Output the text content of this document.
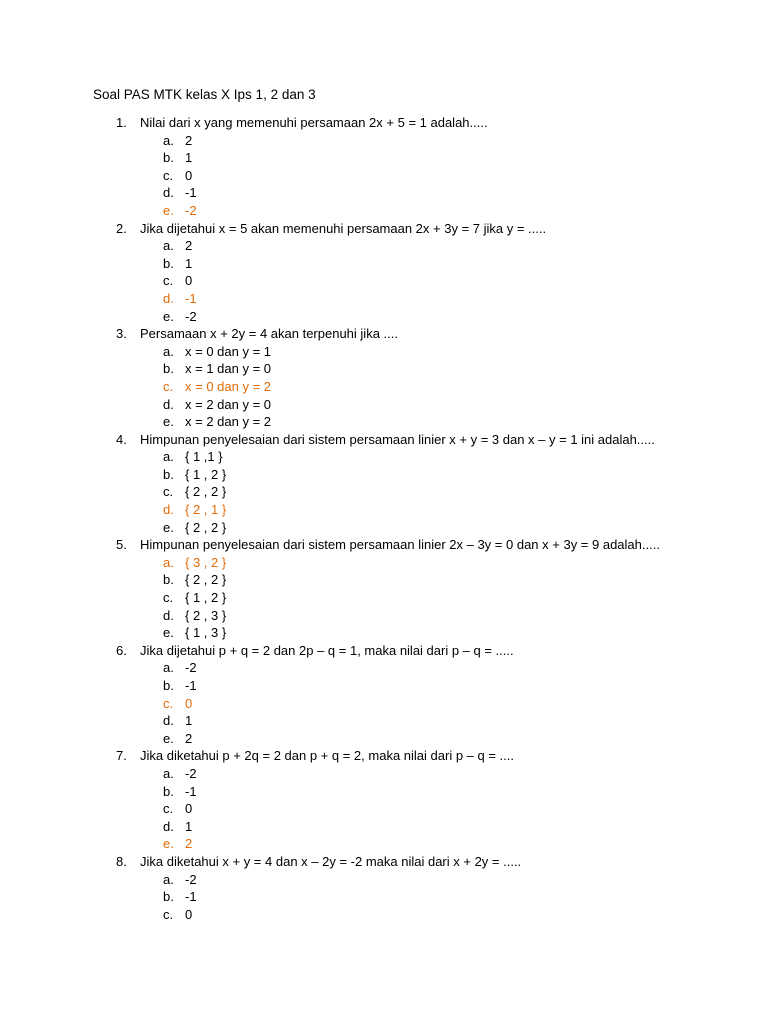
Soal PAS MTK kelas X Ips 1, 2 dan 3
1. Nilai dari x yang memenuhi persamaan 2x + 5 = 1 adalah.....
a. 2
b. 1
c. 0
d. -1
e. -2
2. Jika dijetahui x = 5 akan memenuhi persamaan 2x + 3y = 7 jika y = .....
a. 2
b. 1
c. 0
d. -1
e. -2
3. Persamaan x + 2y = 4 akan terpenuhi jika ....
a. x = 0 dan y = 1
b. x = 1 dan y = 0
c. x = 0 dan y = 2
d. x = 2 dan y = 0
e. x = 2 dan y = 2
4. Himpunan penyelesaian dari sistem persamaan linier x + y = 3 dan x – y = 1 ini adalah.....
a. { 1 ,1 }
b. { 1 , 2 }
c. { 2 , 2 }
d. { 2 , 1 }
e. { 2 , 2 }
5. Himpunan penyelesaian dari sistem persamaan linier 2x – 3y = 0 dan x + 3y = 9 adalah.....
a. { 3 , 2 }
b. { 2 , 2 }
c. { 1 , 2 }
d. { 2 , 3 }
e. { 1 , 3 }
6. Jika dijetahui p + q = 2 dan 2p – q = 1, maka nilai dari p – q = .....
a. -2
b. -1
c. 0
d. 1
e. 2
7. Jika diketahui p + 2q = 2 dan p + q = 2, maka nilai dari p – q = ....
a. -2
b. -1
c. 0
d. 1
e. 2
8. Jika diketahui x + y = 4 dan x – 2y = -2 maka nilai dari x + 2y = .....
a. -2
b. -1
c. 0
